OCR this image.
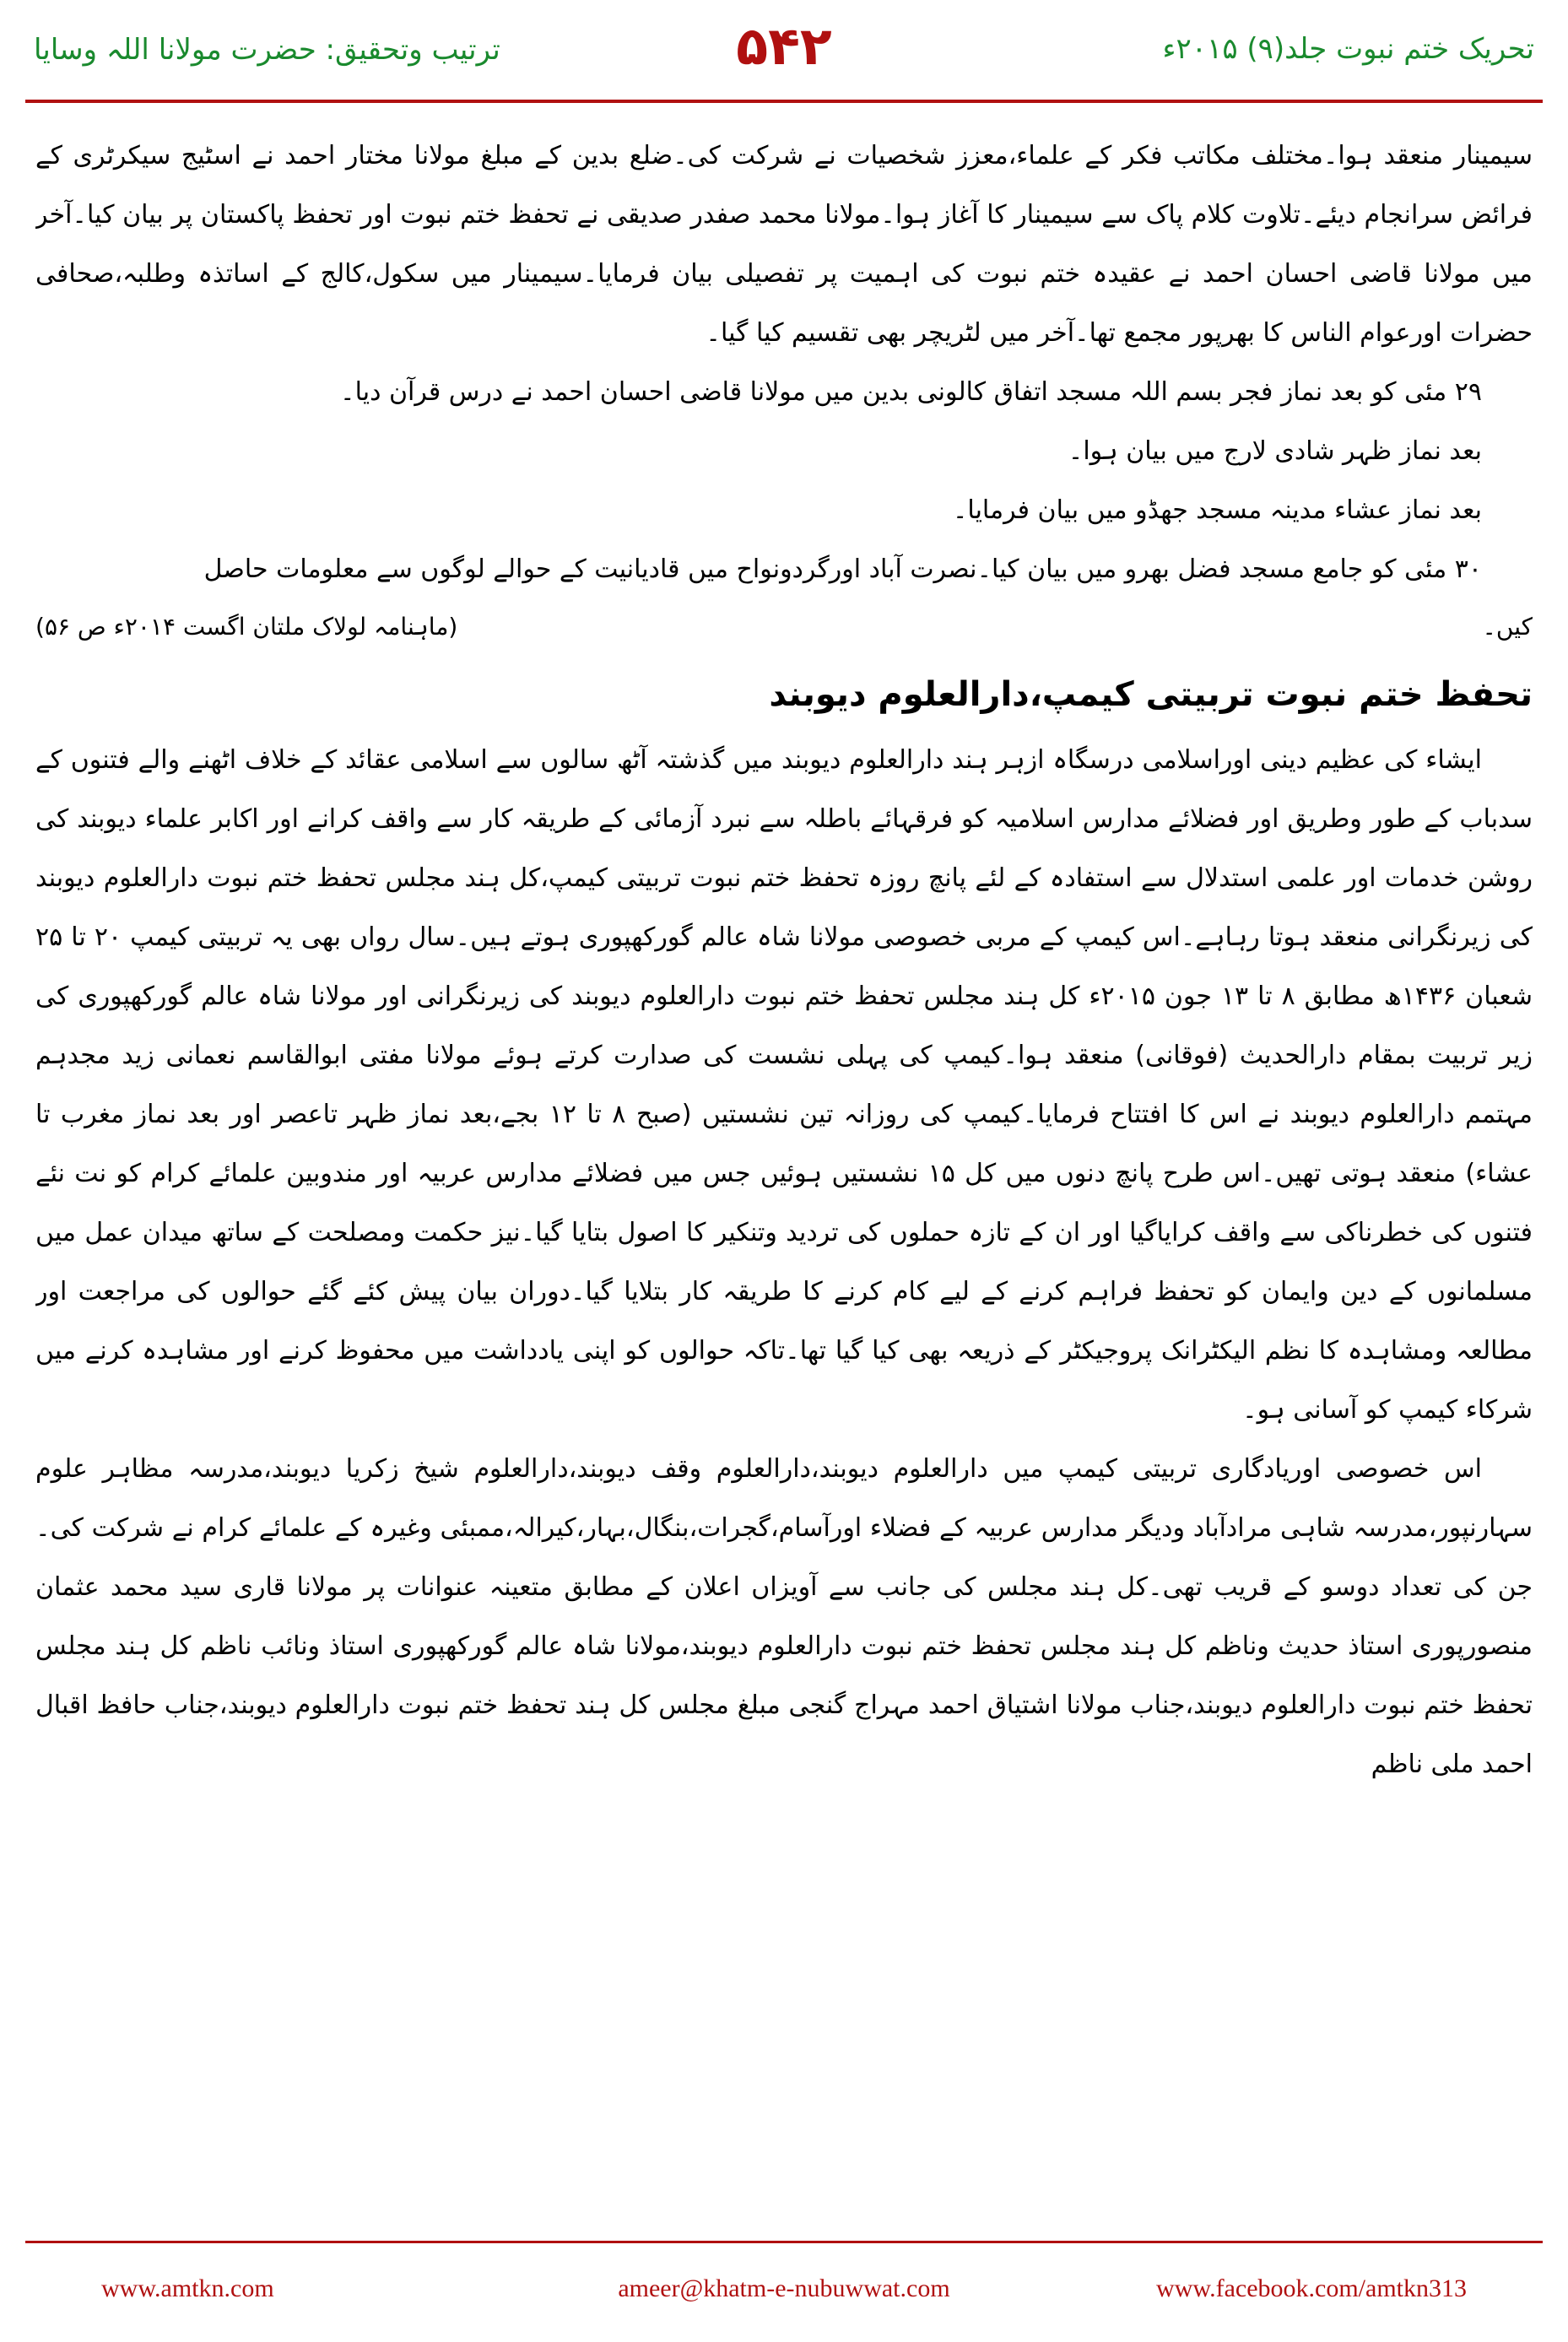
ترتیب وتحقیق: حضرت مولانا اللہ وسایا	۵۴۲	تحریک ختم نبوت جلد(۹) ۲۰۱۵ء

سیمینار منعقد ہوا۔مختلف مکاتب فکر کے علماء،معزز شخصیات نے شرکت کی۔ضلع بدین کے مبلغ مولانا مختار احمد نے اسٹیج سیکرٹری کے فرائض سرانجام دیئے۔تلاوت کلام پاک سے سیمینار کا آغاز ہوا۔مولانا محمد صفدر صدیقی نے تحفظ ختم نبوت اور تحفظ پاکستان پر بیان کیا۔آخر میں مولانا قاضی احسان احمد نے عقیدہ ختم نبوت کی اہمیت پر تفصیلی بیان فرمایا۔سیمینار میں سکول،کالج کے اساتذہ وطلبہ،صحافی حضرات اورعوام الناس کا بھرپور مجمع تھا۔آخر میں لٹریچر بھی تقسیم کیا گیا۔

۲۹ مئی کو بعد نماز فجر بسم اللہ مسجد اتفاق کالونی بدین میں مولانا قاضی احسان احمد نے درس قرآن دیا۔

بعد نماز ظہر شادی لارج میں بیان ہوا۔

بعد نماز عشاء مدینہ مسجد جھڈو میں بیان فرمایا۔

۳۰ مئی کو جامع مسجد فضل بھرو میں بیان کیا۔نصرت آباد اورگردونواح میں قادیانیت کے حوالے لوگوں سے معلومات حاصل

کیں۔
(ماہنامہ لولاک ملتان اگست ۲۰۱۴ء ص ۵۶)
تحفظ ختم نبوت تربیتی کیمپ،دارالعلوم دیوبند

ایشاء کی عظیم دینی اوراسلامی درسگاہ ازہر ہند دارالعلوم دیوبند میں گذشتہ آٹھ سالوں سے اسلامی عقائد کے خلاف اٹھنے والے فتنوں کے سدباب کے طور وطریق اور فضلائے مدارس اسلامیہ کو فرقہائے باطلہ سے نبرد آزمائی کے طریقہ کار سے واقف کرانے اور اکابر علماء دیوبند کی روشن خدمات اور علمی استدلال سے استفادہ کے لئے پانچ روزہ تحفظ ختم نبوت تربیتی کیمپ،کل ہند مجلس تحفظ ختم نبوت دارالعلوم دیوبند کی زیرنگرانی منعقد ہوتا رہاہے۔اس کیمپ کے مربی خصوصی مولانا شاہ عالم گورکھپوری ہوتے ہیں۔سال رواں بھی یہ تربیتی کیمپ ۲۰ تا ۲۵ شعبان ۱۴۳۶ھ مطابق ۸ تا ۱۳ جون ۲۰۱۵ء کل ہند مجلس تحفظ ختم نبوت دارالعلوم دیوبند کی زیرنگرانی اور مولانا شاہ عالم گورکھپوری کی زیر تربیت بمقام دارالحدیث (فوقانی) منعقد ہوا۔کیمپ کی پہلی نشست کی صدارت کرتے ہوئے مولانا مفتی ابوالقاسم نعمانی زید مجدہم مہتمم دارالعلوم دیوبند نے اس کا افتتاح فرمایا۔کیمپ کی روزانہ تین نشستیں (صبح ۸ تا ۱۲ بجے،بعد نماز ظہر تاعصر اور بعد نماز مغرب تا عشاء) منعقد ہوتی تھیں۔اس طرح پانچ دنوں میں کل ۱۵ نشستیں ہوئیں جس میں فضلائے مدارس عربیہ اور مندوبین علمائے کرام کو نت نئے فتنوں کی خطرناکی سے واقف کرایاگیا اور ان کے تازہ حملوں کی تردید وتنکیر کا اصول بتایا گیا۔نیز حکمت ومصلحت کے ساتھ میدان عمل میں مسلمانوں کے دین وایمان کو تحفظ فراہم کرنے کے لیے کام کرنے کا طریقہ کار بتلایا گیا۔دوران بیان پیش کئے گئے حوالوں کی مراجعت اور مطالعہ ومشاہدہ کا نظم الیکٹرانک پروجیکٹر کے ذریعہ بھی کیا گیا تھا۔تاکہ حوالوں کو اپنی یادداشت میں محفوظ کرنے اور مشاہدہ کرنے میں شرکاء کیمپ کو آسانی ہو۔

اس خصوصی اوریادگاری تربیتی کیمپ میں دارالعلوم دیوبند،دارالعلوم وقف دیوبند،دارالعلوم شیخ زکریا دیوبند،مدرسہ مظاہر علوم سہارنپور،مدرسہ شاہی مرادآباد ودیگر مدارس عربیہ کے فضلاء اورآسام،گجرات،بنگال،بہار،کیرالہ،ممبئی وغیرہ کے علمائے کرام نے شرکت کی۔جن کی تعداد دوسو کے قریب تھی۔کل ہند مجلس کی جانب سے آویزاں اعلان کے مطابق متعینہ عنوانات پر مولانا قاری سید محمد عثمان منصورپوری استاذ حدیث وناظم کل ہند مجلس تحفظ ختم نبوت دارالعلوم دیوبند،مولانا شاہ عالم گورکھپوری استاذ ونائب ناظم کل ہند مجلس تحفظ ختم نبوت دارالعلوم دیوبند،جناب مولانا اشتیاق احمد مہراج گنجی مبلغ مجلس کل ہند تحفظ ختم نبوت دارالعلوم دیوبند،جناب حافظ اقبال احمد ملی ناظم

www.amtkn.com	ameer@khatm-e-nubuwwat.com	www.facebook.com/amtkn313
